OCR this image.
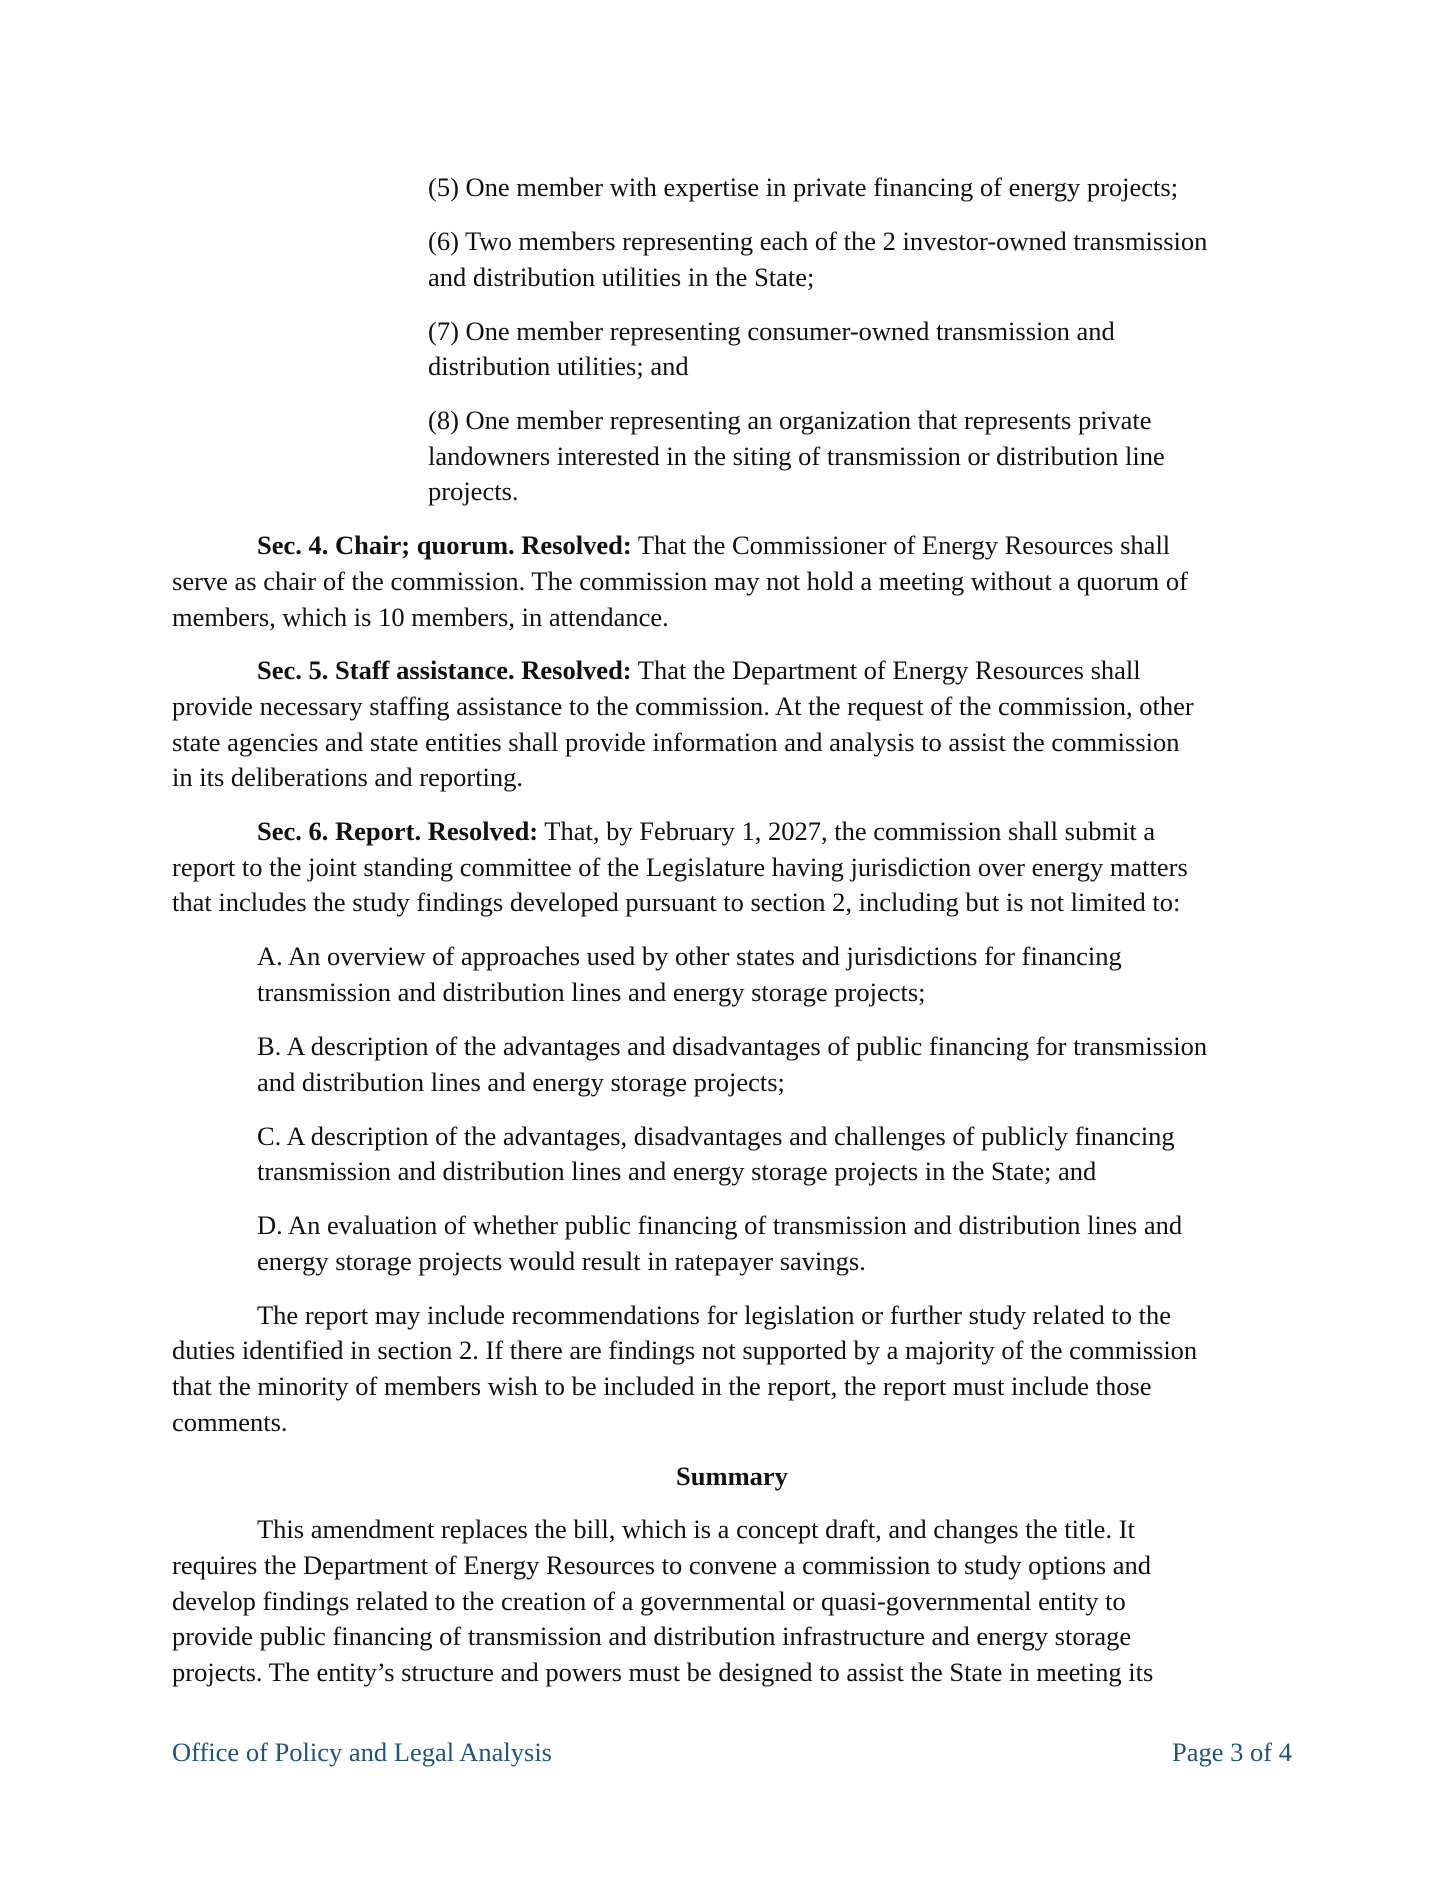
(5) One member with expertise in private financing of energy projects;
(6) Two members representing each of the 2 investor-owned transmission
and distribution utilities in the State;
(7) One member representing consumer-owned transmission and
distribution utilities; and
(8) One member representing an organization that represents private
landowners interested in the siting of transmission or distribution line
projects.
Sec. 4. Chair; quorum. Resolved: That the Commissioner of Energy Resources shall
serve as chair of the commission. The commission may not hold a meeting without a quorum of
members, which is 10 members, in attendance.
Sec. 5. Staff assistance. Resolved: That the Department of Energy Resources shall
provide necessary staffing assistance to the commission. At the request of the commission, other
state agencies and state entities shall provide information and analysis to assist the commission
in its deliberations and reporting.
Sec. 6. Report. Resolved: That, by February 1, 2027, the commission shall submit a
report to the joint standing committee of the Legislature having jurisdiction over energy matters
that includes the study findings developed pursuant to section 2, including but is not limited to:
A. An overview of approaches used by other states and jurisdictions for financing
transmission and distribution lines and energy storage projects;
B. A description of the advantages and disadvantages of public financing for transmission
and distribution lines and energy storage projects;
C. A description of the advantages, disadvantages and challenges of publicly financing
transmission and distribution lines and energy storage projects in the State; and
D. An evaluation of whether public financing of transmission and distribution lines and
energy storage projects would result in ratepayer savings.
The report may include recommendations for legislation or further study related to the
duties identified in section 2. If there are findings not supported by a majority of the commission
that the minority of members wish to be included in the report, the report must include those
comments.
Summary
This amendment replaces the bill, which is a concept draft, and changes the title. It
requires the Department of Energy Resources to convene a commission to study options and
develop findings related to the creation of a governmental or quasi-governmental entity to
provide public financing of transmission and distribution infrastructure and energy storage
projects. The entity’s structure and powers must be designed to assist the State in meeting its
Office of Policy and Legal Analysis	Page 3 of 4
